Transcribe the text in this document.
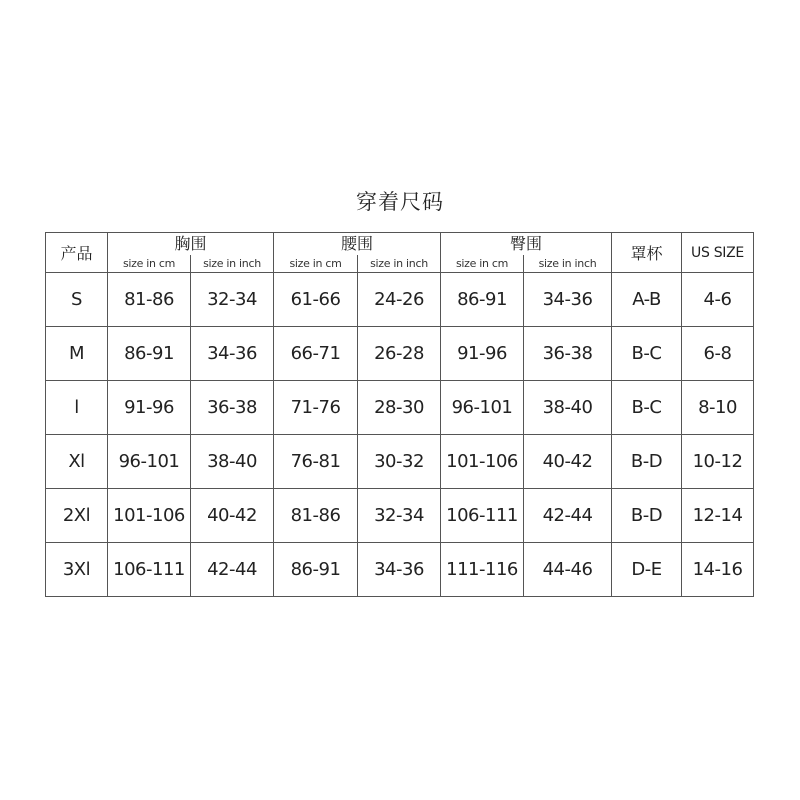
穿着尺码
产品	胸围		腰围		臀围		罩杯	US SIZE
	size in cm	size in inch	size in cm	size in inch	size in cm	size in inch		
S	81-86	32-34	61-66	24-26	86-91	34-36	A-B	4-6
M	86-91	34-36	66-71	26-28	91-96	36-38	B-C	6-8
l	91-96	36-38	71-76	28-30	96-101	38-40	B-C	8-10
Xl	96-101	38-40	76-81	30-32	101-106	40-42	B-D	10-12
2Xl	101-106	40-42	81-86	32-34	106-111	42-44	B-D	12-14
3Xl	106-111	42-44	86-91	34-36	111-116	44-46	D-E	14-16
